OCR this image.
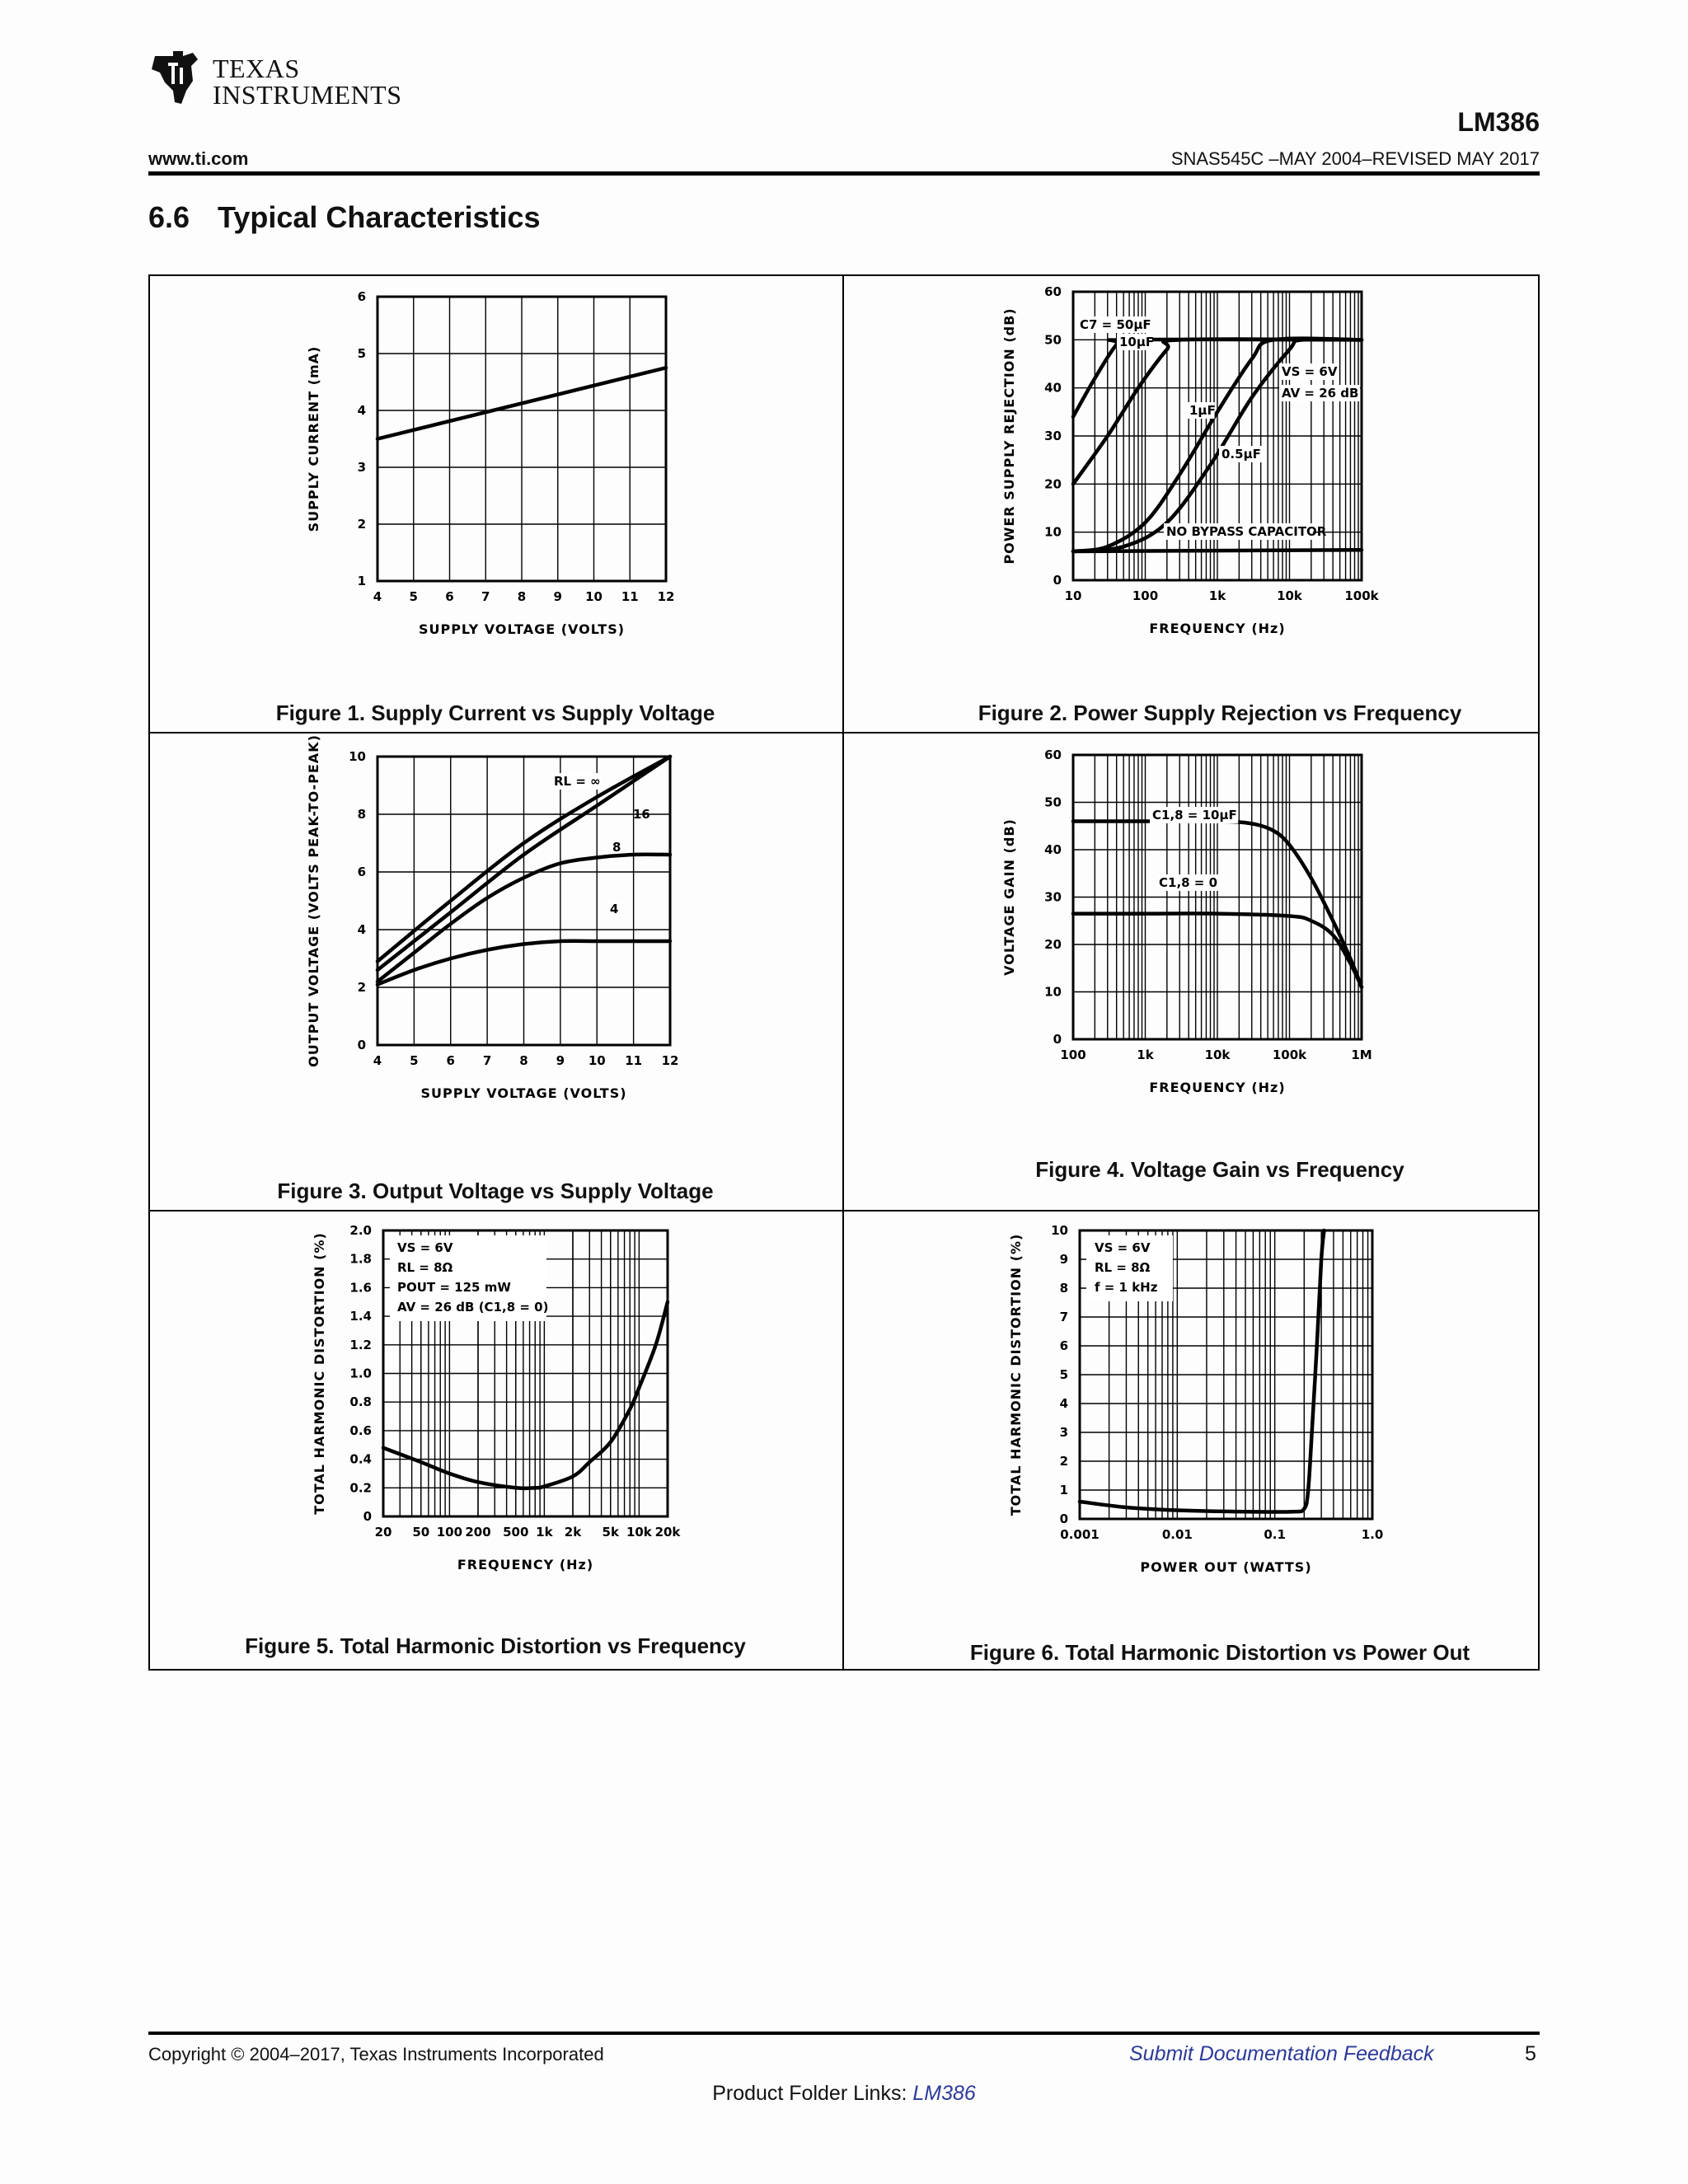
TEXAS
INSTRUMENTS
LM386
www.ti.com	SNAS545C –MAY 2004–REVISED MAY 2017
6.6 Typical Characteristics
4 5 6 7 8 9 10 11 12
1
2
3
4
5
6
SUPPLY VOLTAGE (VOLTS)
SUPPLY CURRENT (mA)
10	100	1k	10k	100k
0
10
20
30
40
50
60
FREQUENCY (Hz)
POWER SUPPLY REJECTION (dB)	C7 = 50μF
10μF
1μF
0.5μF
VS = 6V
AV = 26 dB
NO BYPASS CAPACITOR
4 5 6 7 8 9 10 11 12
0
2
4
6
8
10
SUPPLY VOLTAGE (VOLTS)
OUTPUT VOLTAGE (VOLTS PEAK-TO-PEAK)	RL = ∞
16
8
4
100	1k	10k	100k	1M
0
10
20
30
40
50
60
FREQUENCY (Hz)
VOLTAGE GAIN (dB)
C1,8 = 10μF
C1,8 = 0
20 50 100 200 500 1k 2k 5k 10k 20k
0
0.2
0.4
0.6
0.8
1.0
1.2
1.4
1.6
1.8
2.0
FREQUENCY (Hz)
TOTAL HARMONIC DISTORTION (%)	VS = 6V
RL = 8Ω
POUT = 125 mW
AV = 26 dB (C1,8 = 0)
0.001	0.01	0.1	1.0
0
1
2
3
4
5
6
7
8
9
10
POWER OUT (WATTS)
TOTAL HARMONIC DISTORTION (%)	VS = 6V
RL = 8Ω
f = 1 kHz
Figure 1. Supply Current vs Supply Voltage	Figure 2. Power Supply Rejection vs Frequency
Figure 3. Output Voltage vs Supply Voltage
Figure 4. Voltage Gain vs Frequency
Figure 5. Total Harmonic Distortion vs Frequency	Figure 6. Total Harmonic Distortion vs Power Out
Copyright © 2004–2017, Texas Instruments Incorporated	Submit Documentation Feedback	5
Product Folder Links: LM386
